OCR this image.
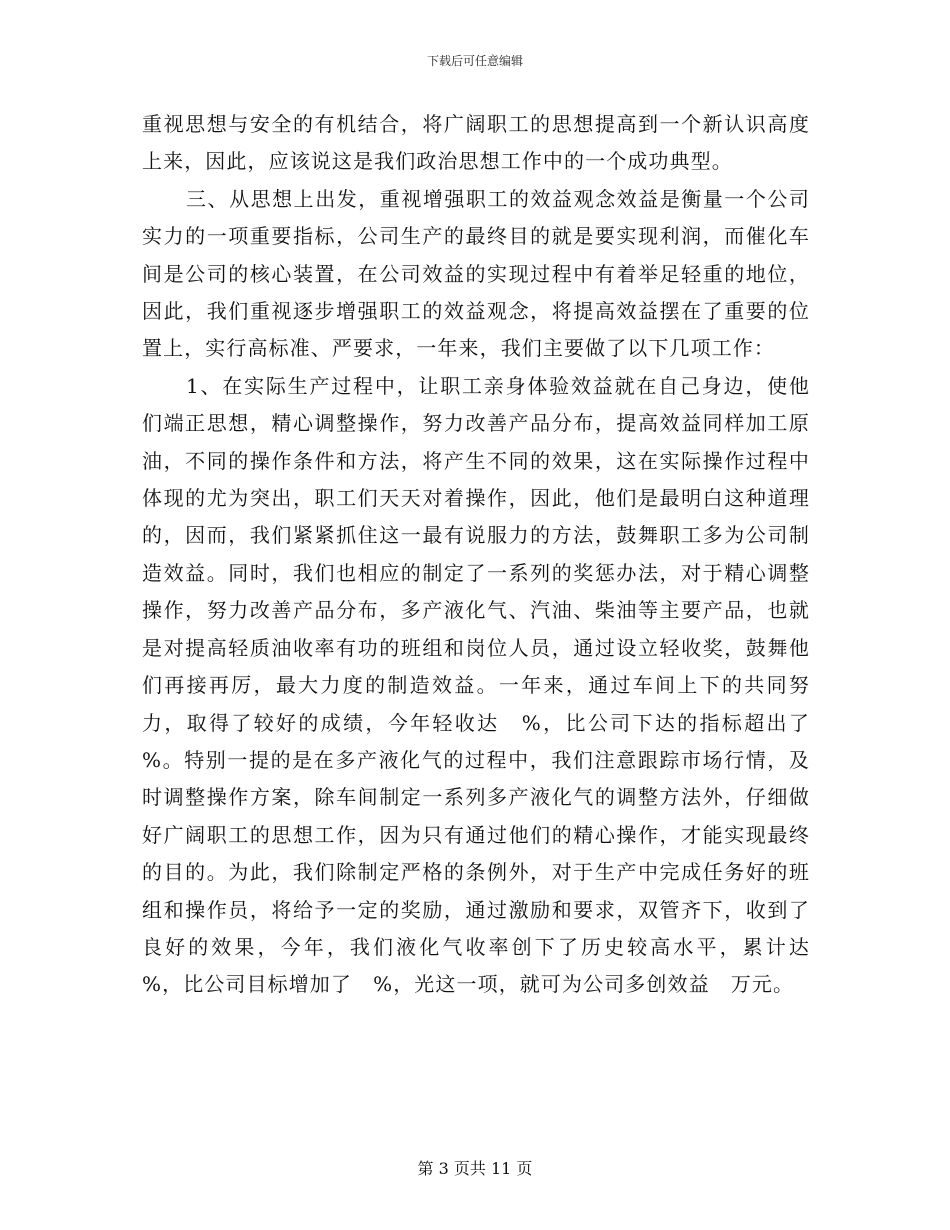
下载后可任意编辑

重视思想与安全的有机结合，将广阔职工的思想提高到一个新认识高度上来，因此，应该说这是我们政治思想工作中的一个成功典型。

三、从思想上出发，重视增强职工的效益观念效益是衡量一个公司实力的一项重要指标，公司生产的最终目的就是要实现利润，而催化车间是公司的核心装置，在公司效益的实现过程中有着举足轻重的地位，因此，我们重视逐步增强职工的效益观念，将提高效益摆在了重要的位置上，实行高标准、严要求，一年来，我们主要做了以下几项工作：

1、在实际生产过程中，让职工亲身体验效益就在自己身边，使他们端正思想，精心调整操作，努力改善产品分布，提高效益同样加工原油，不同的操作条件和方法，将产生不同的效果，这在实际操作过程中体现的尤为突出，职工们天天对着操作，因此，他们是最明白这种道理的，因而，我们紧紧抓住这一最有说服力的方法，鼓舞职工多为公司制造效益。同时，我们也相应的制定了一系列的奖惩办法，对于精心调整操作，努力改善产品分布，多产液化气、汽油、柴油等主要产品，也就是对提高轻质油收率有功的班组和岗位人员，通过设立轻收奖，鼓舞他们再接再厉，最大力度的制造效益。一年来，通过车间上下的共同努力，取得了较好的成绩，今年轻收达　%，比公司下达的指标超出了　%。特别一提的是在多产液化气的过程中，我们注意跟踪市场行情，及时调整操作方案，除车间制定一系列多产液化气的调整方法外，仔细做好广阔职工的思想工作，因为只有通过他们的精心操作，才能实现最终的目的。为此，我们除制定严格的条例外，对于生产中完成任务好的班组和操作员，将给予一定的奖励，通过激励和要求，双管齐下，收到了良好的效果，今年，我们液化气收率创下了历史较高水平，累计达　%，比公司目标增加了　%，光这一项，就可为公司多创效益　万元。

第 3 页共 11 页
